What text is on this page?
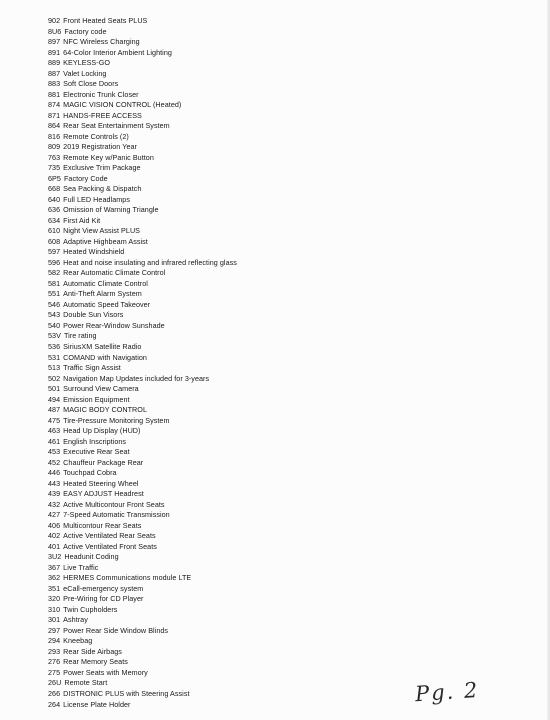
902 Front Heated Seats PLUS
8U6 Factory code
897 NFC Wireless Charging
891 64-Color Interior Ambient Lighting
889 KEYLESS-GO
887 Valet Locking
883 Soft Close Doors
881 Electronic Trunk Closer
874 MAGIC VISION CONTROL (Heated)
871 HANDS-FREE ACCESS
864 Rear Seat Entertainment System
816 Remote Controls (2)
809 2019 Registration Year
763 Remote Key w/Panic Button
735 Exclusive Trim Package
6P5 Factory Code
668 Sea Packing & Dispatch
640 Full LED Headlamps
636 Omission of Warning Triangle
634 First Aid Kit
610 Night View Assist PLUS
608 Adaptive Highbeam Assist
597 Heated Windshield
596 Heat and noise insulating and infrared reflecting glass
582 Rear Automatic Climate Control
581 Automatic Climate Control
551 Anti-Theft Alarm System
546 Automatic Speed Takeover
543 Double Sun Visors
540 Power Rear-Window Sunshade
53V Tire rating
536 SiriusXM Satellite Radio
531 COMAND with Navigation
513 Traffic Sign Assist
502 Navigation Map Updates included for 3-years
501 Surround View Camera
494 Emission Equipment
487 MAGIC BODY CONTROL
475 Tire-Pressure Monitoring System
463 Head Up Display (HUD)
461 English Inscriptions
453 Executive Rear Seat
452 Chauffeur Package Rear
446 Touchpad Cobra
443 Heated Steering Wheel
439 EASY ADJUST Headrest
432 Active Multicontour Front Seats
427 7-Speed Automatic Transmission
406 Multicontour Rear Seats
402 Active Ventilated Rear Seats
401 Active Ventilated Front Seats
3U2 Headunit Coding
367 Live Traffic
362 HERMES Communications module LTE
351 eCall-emergency system
320 Pre-Wiring for CD Player
310 Twin Cupholders
301 Ashtray
297 Power Rear Side Window Blinds
294 Kneebag
293 Rear Side Airbags
276 Rear Memory Seats
275 Power Seats with Memory
26U Remote Start
266 DISTRONIC PLUS with Steering Assist
264 License Plate Holder	Pg. 2
